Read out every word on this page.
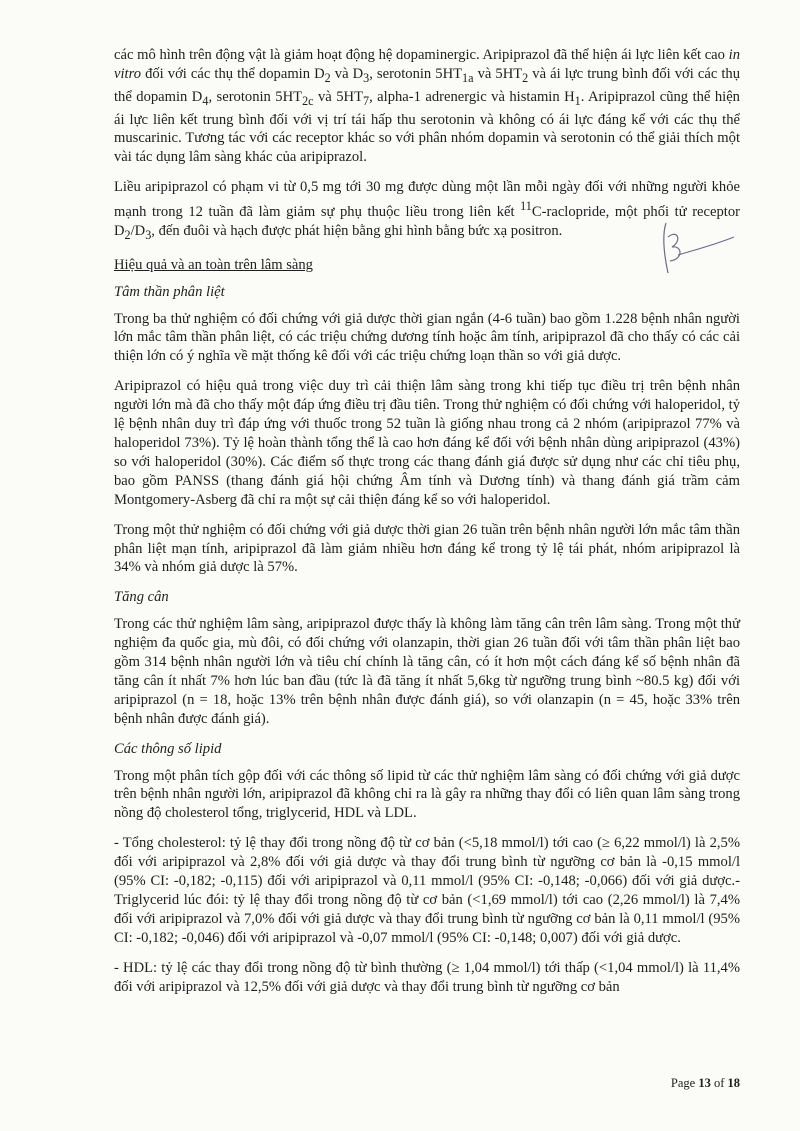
các mô hình trên động vật là giảm hoạt động hệ dopaminergic. Aripiprazol đã thể hiện ái lực liên kết cao in vitro đối với các thụ thể dopamin $D_2$ và $D_3$, serotonin $5HT_{1a}$ và $5HT_2$ và ái lực trung bình đối với các thụ thể dopamin $D_4$, serotonin $5HT_{2c}$ và $5HT_7$, alpha-1 adrenergic và histamin $H_1$. Aripiprazol cũng thể hiện ái lực liên kết trung bình đối với vị trí tái hấp thu serotonin và không có ái lực đáng kể với các thụ thể muscarinic. Tương tác với các receptor khác so với phân nhóm dopamin và serotonin có thể giải thích một vài tác dụng lâm sàng khác của aripiprazol.

Liều aripiprazol có phạm vi từ 0,5 mg tới 30 mg được dùng một lần mỗi ngày đối với những người khỏe mạnh trong 12 tuần đã làm giảm sự phụ thuộc liều trong liên kết $^{11}$C-raclopride, một phối tử receptor $D_2/D_3$, đến đuôi và hạch được phát hiện bằng ghi hình bằng bức xạ positron.

Hiệu quả và an toàn trên lâm sàng
Tâm thần phân liệt

Trong ba thử nghiệm có đối chứng với giả dược thời gian ngắn (4-6 tuần) bao gồm 1.228 bệnh nhân người lớn mắc tâm thần phân liệt, có các triệu chứng dương tính hoặc âm tính, aripiprazol đã cho thấy có các cải thiện lớn có ý nghĩa về mặt thống kê đối với các triệu chứng loạn thần so với giả dược.

Aripiprazol có hiệu quả trong việc duy trì cải thiện lâm sàng trong khi tiếp tục điều trị trên bệnh nhân người lớn mà đã cho thấy một đáp ứng điều trị đầu tiên. Trong thử nghiệm có đối chứng với haloperidol, tỷ lệ bệnh nhân duy trì đáp ứng với thuốc trong 52 tuần là giống nhau trong cả 2 nhóm (aripiprazol 77% và haloperidol 73%). Tỷ lệ hoàn thành tổng thể là cao hơn đáng kể đối với bệnh nhân dùng aripiprazol (43%) so với haloperidol (30%). Các điểm số thực trong các thang đánh giá được sử dụng như các chỉ tiêu phụ, bao gồm PANSS (thang đánh giá hội chứng Âm tính và Dương tính) và thang đánh giá trầm cảm Montgomery-Asberg đã chỉ ra một sự cải thiện đáng kể so với haloperidol.

Trong một thử nghiệm có đối chứng với giả dược thời gian 26 tuần trên bệnh nhân người lớn mắc tâm thần phân liệt mạn tính, aripiprazol đã làm giảm nhiều hơn đáng kể trong tỷ lệ tái phát, nhóm aripiprazol là 34% và nhóm giả dược là 57%.

Tăng cân

Trong các thử nghiệm lâm sàng, aripiprazol được thấy là không làm tăng cân trên lâm sàng. Trong một thử nghiệm đa quốc gia, mù đôi, có đối chứng với olanzapin, thời gian 26 tuần đối với tâm thần phân liệt bao gồm 314 bệnh nhân người lớn và tiêu chí chính là tăng cân, có ít hơn một cách đáng kể số bệnh nhân đã tăng cân ít nhất 7% hơn lúc ban đầu (tức là đã tăng ít nhất 5,6kg từ ngưỡng trung bình ~80.5 kg) đối với aripiprazol (n = 18, hoặc 13% trên bệnh nhân được đánh giá), so với olanzapin (n = 45, hoặc 33% trên bệnh nhân được đánh giá).

Các thông số lipid

Trong một phân tích gộp đối với các thông số lipid từ các thử nghiệm lâm sàng có đối chứng với giả dược trên bệnh nhân người lớn, aripiprazol đã không chỉ ra là gây ra những thay đổi có liên quan lâm sàng trong nồng độ cholesterol tổng, triglycerid, HDL và LDL.

- Tổng cholesterol: tỷ lệ thay đổi trong nồng độ từ cơ bản (<5,18 mmol/l) tới cao (≥ 6,22 mmol/l) là 2,5% đối với aripiprazol và 2,8% đối với giả dược và thay đổi trung bình từ ngưỡng cơ bản là -0,15 mmol/l (95% CI: -0,182; -0,115) đối với aripiprazol và 0,11 mmol/l (95% CI: -0,148; -0,066) đối với giả dược.- Triglycerid lúc đói: tỷ lệ thay đổi trong nồng độ từ cơ bản (<1,69 mmol/l) tới cao (2,26 mmol/l) là 7,4% đối với aripiprazol và 7,0% đối với giả dược và thay đổi trung bình từ ngưỡng cơ bản là 0,11 mmol/l (95% CI: -0,182; -0,046) đối với aripiprazol và -0,07 mmol/l (95% CI: -0,148; 0,007) đối với giả dược.

- HDL: tỷ lệ các thay đổi trong nồng độ từ bình thường (≥ 1,04 mmol/l) tới thấp (<1,04 mmol/l) là 11,4% đối với aripiprazol và 12,5% đối với giả dược và thay đổi trung bình từ ngưỡng cơ bản

Page 13 of 18
